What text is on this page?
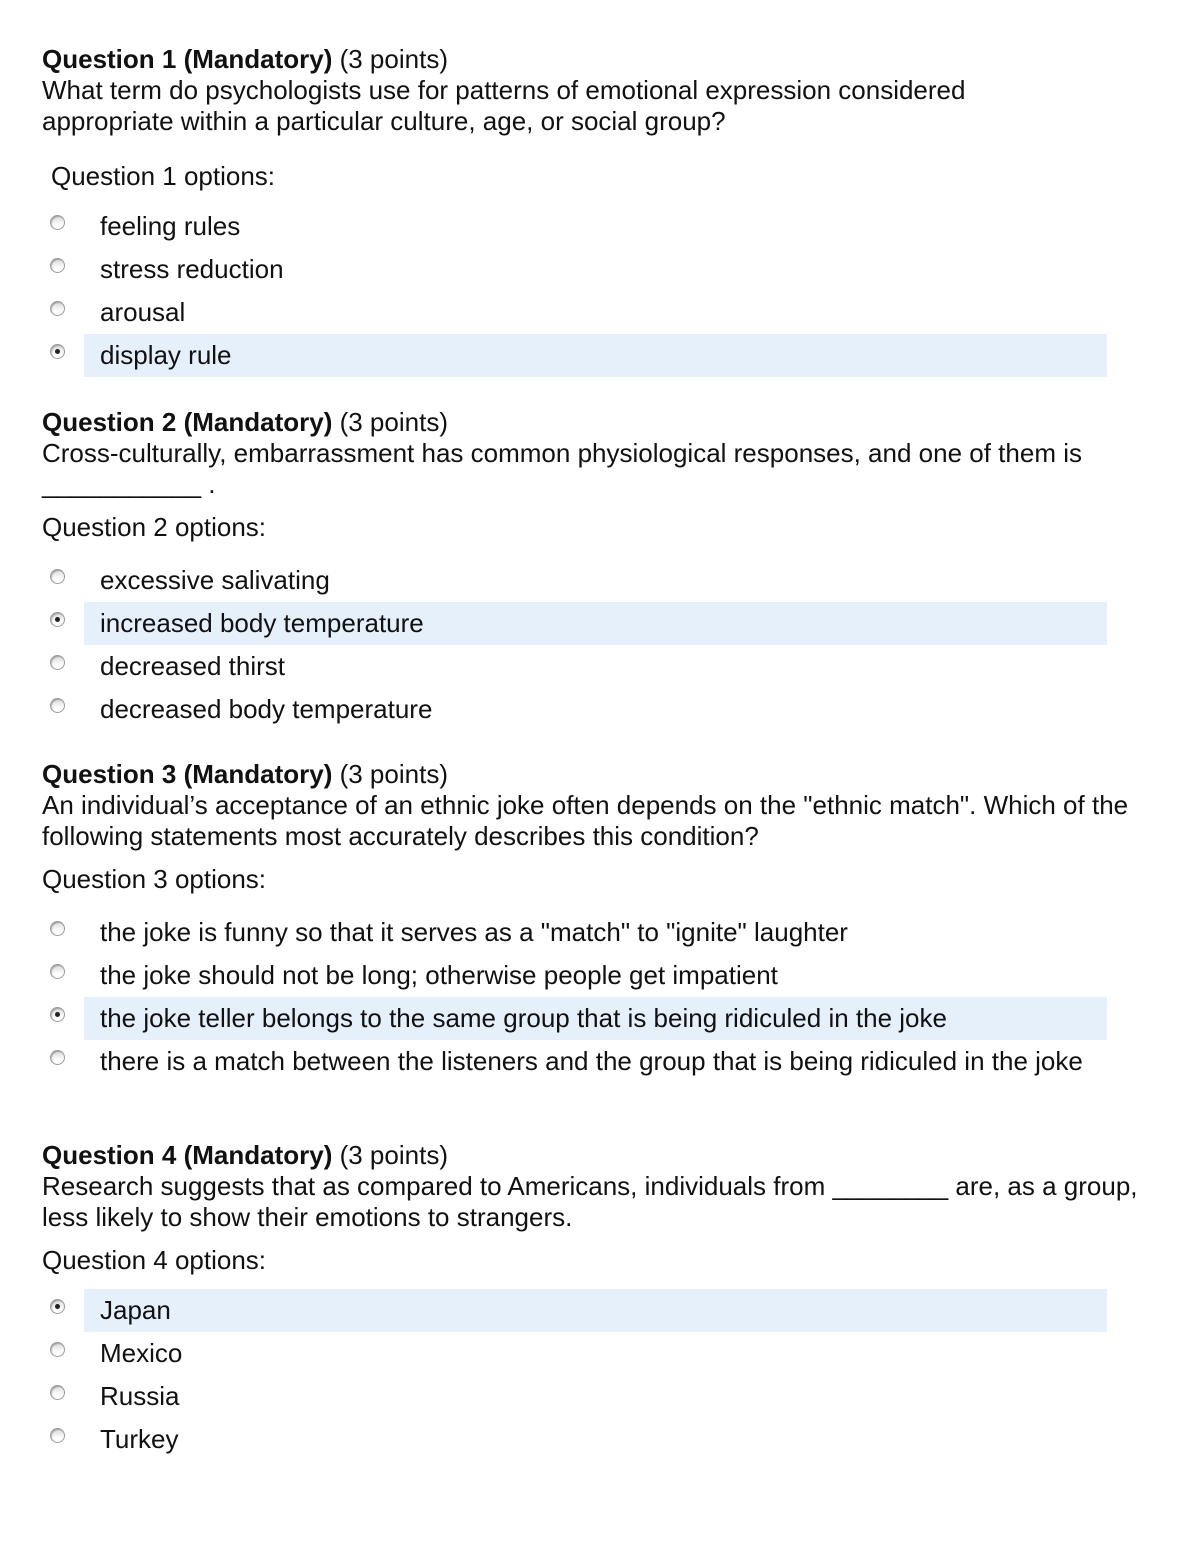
Question 1 (Mandatory) (3 points)

What term do psychologists use for patterns of emotional expression considered appropriate within a particular culture, age, or social group?

Question 1 options:

feeling rules
stress reduction
arousal
display rule

Question 2 (Mandatory) (3 points)

Cross-culturally, embarrassment has common physiological responses, and one of them is ___________ .

Question 2 options:

excessive salivating
increased body temperature
decreased thirst
decreased body temperature

Question 3 (Mandatory) (3 points)

An individual’s acceptance of an ethnic joke often depends on the "ethnic match". Which of the following statements most accurately describes this condition?

Question 3 options:

the joke is funny so that it serves as a "match" to "ignite" laughter
the joke should not be long; otherwise people get impatient
the joke teller belongs to the same group that is being ridiculed in the joke
there is a match between the listeners and the group that is being ridiculed in the joke

Question 4 (Mandatory) (3 points)

Research suggests that as compared to Americans, individuals from ________ are, as a group, less likely to show their emotions to strangers.

Question 4 options:

Japan
Mexico
Russia
Turkey
